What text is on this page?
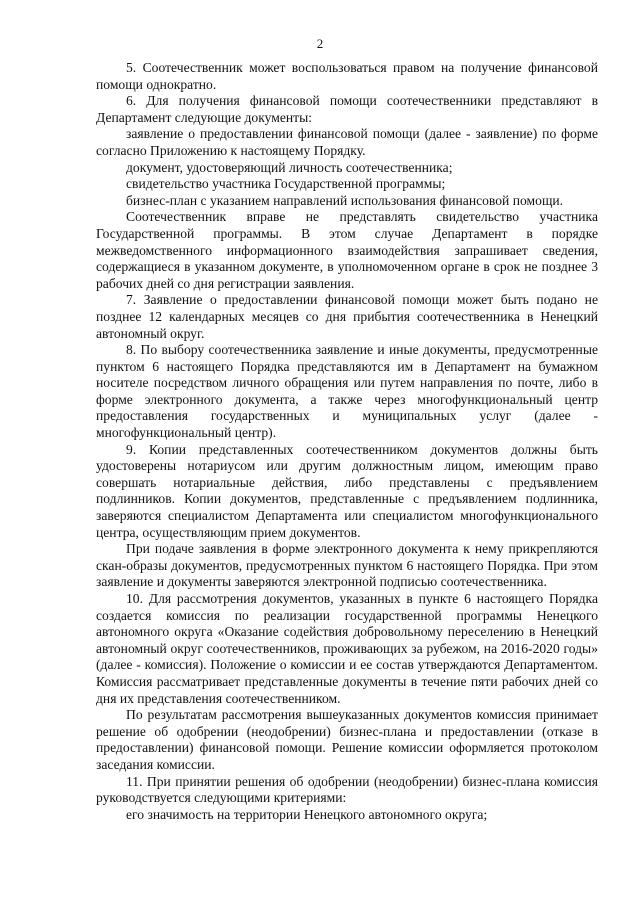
2

5. Соотечественник может воспользоваться правом на получение финансовой помощи однократно.

6. Для получения финансовой помощи соотечественники представляют в Департамент следующие документы:

заявление о предоставлении финансовой помощи (далее - заявление) по форме согласно Приложению к настоящему Порядку.

документ, удостоверяющий личность соотечественника;

свидетельство участника Государственной программы;

бизнес-план с указанием направлений использования финансовой помощи.

Соотечественник вправе не представлять свидетельство участника Государственной программы. В этом случае Департамент в порядке межведомственного информационного взаимодействия запрашивает сведения, содержащиеся в указанном документе, в уполномоченном органе в срок не позднее 3 рабочих дней со дня регистрации заявления.

7. Заявление о предоставлении финансовой помощи может быть подано не позднее 12 календарных месяцев со дня прибытия соотечественника в Ненецкий автономный округ.

8. По выбору соотечественника заявление и иные документы, предусмотренные пунктом 6 настоящего Порядка представляются им в Департамент на бумажном носителе посредством личного обращения или путем направления по почте, либо в форме электронного документа, а также через многофункциональный центр предоставления государственных и муниципальных услуг (далее - многофункциональный центр).

9. Копии представленных соотечественником документов должны быть удостоверены нотариусом или другим должностным лицом, имеющим право совершать нотариальные действия, либо представлены с предъявлением подлинников. Копии документов, представленные с предъявлением подлинника, заверяются специалистом Департамента или специалистом многофункционального центра, осуществляющим прием документов.

При подаче заявления в форме электронного документа к нему прикрепляются скан-образы документов, предусмотренных пунктом 6 настоящего Порядка. При этом заявление и документы заверяются электронной подписью соотечественника.

10. Для рассмотрения документов, указанных в пункте 6 настоящего Порядка создается комиссия по реализации государственной программы Ненецкого автономного округа «Оказание содействия добровольному переселению в Ненецкий автономный округ соотечественников, проживающих за рубежом, на 2016-2020 годы» (далее - комиссия). Положение о комиссии и ее состав утверждаются Департаментом. Комиссия рассматривает представленные документы в течение пяти рабочих дней со дня их представления соотечественником.

По результатам рассмотрения вышеуказанных документов комиссия принимает решение об одобрении (неодобрении) бизнес-плана и предоставлении (отказе в предоставлении) финансовой помощи. Решение комиссии оформляется протоколом заседания комиссии.

11. При принятии решения об одобрении (неодобрении) бизнес-плана комиссия руководствуется следующими критериями:

его значимость на территории Ненецкого автономного округа;
